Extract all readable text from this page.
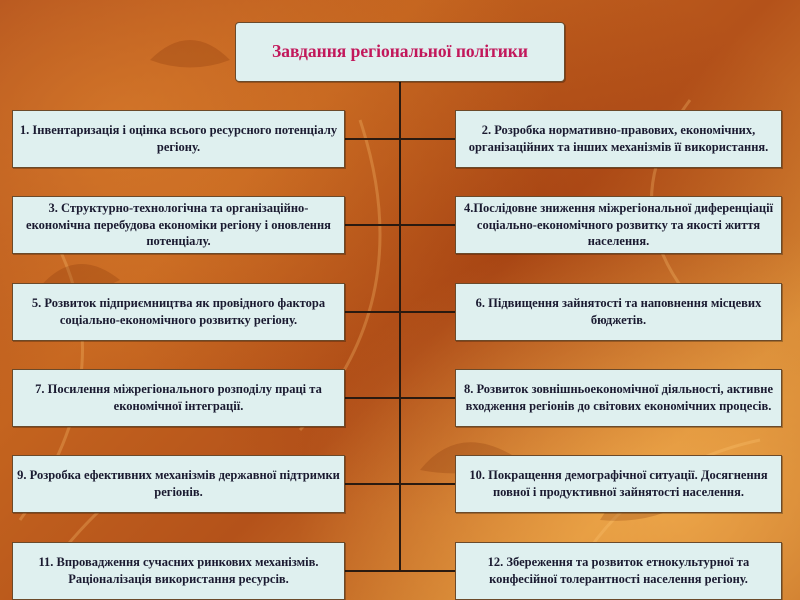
Завдання регіональної політики
1. Інвентаризація і оцінка всього ресурсного потенціалу регіону.
2. Розробка нормативно-правових, економічних, організаційних та інших механізмів її використання.
3. Структурно-технологічна та організаційно-економічна перебудова економіки регіону і оновлення потенціалу.
4.Послідовне зниження міжрегіональної диференціації соціально-економічного розвитку та якості життя населення.
5. Розвиток підприємництва як провідного фактора соціально-економічного розвитку регіону.
6. Підвищення зайнятості та наповнення місцевих бюджетів.
7. Посилення міжрегіонального розподілу праці та економічної інтеграції.
8. Розвиток зовнішньоекономічної діяльності, активне входження регіонів до світових економічних процесів.
9. Розробка ефективних механізмів державної підтримки регіонів.
10. Покращення демографічної ситуації. Досягнення повної і продуктивної зайнятості населення.
11. Впровадження сучасних ринкових механізмів. Раціоналізація використання ресурсів.
12. Збереження та розвиток етнокультурної та конфесійної толерантності населення регіону.
